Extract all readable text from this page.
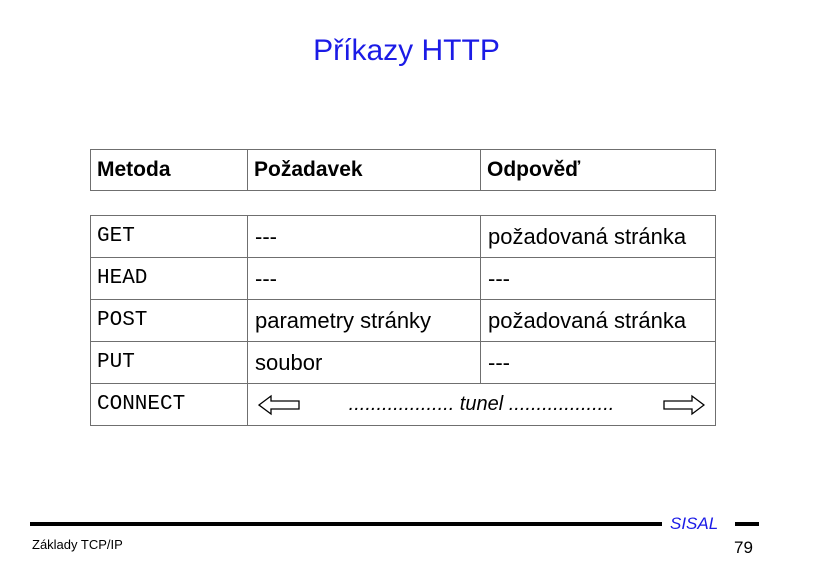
Příkazy HTTP
Metoda	Požadavek	Odpověď
GET	---	požadovaná stránka
HEAD	---	---
POST	parametry stránky	požadovaná stránka
PUT	soubor	---
CONNECT	................... tunel ...................
SISAL
Základy TCP/IP	79
